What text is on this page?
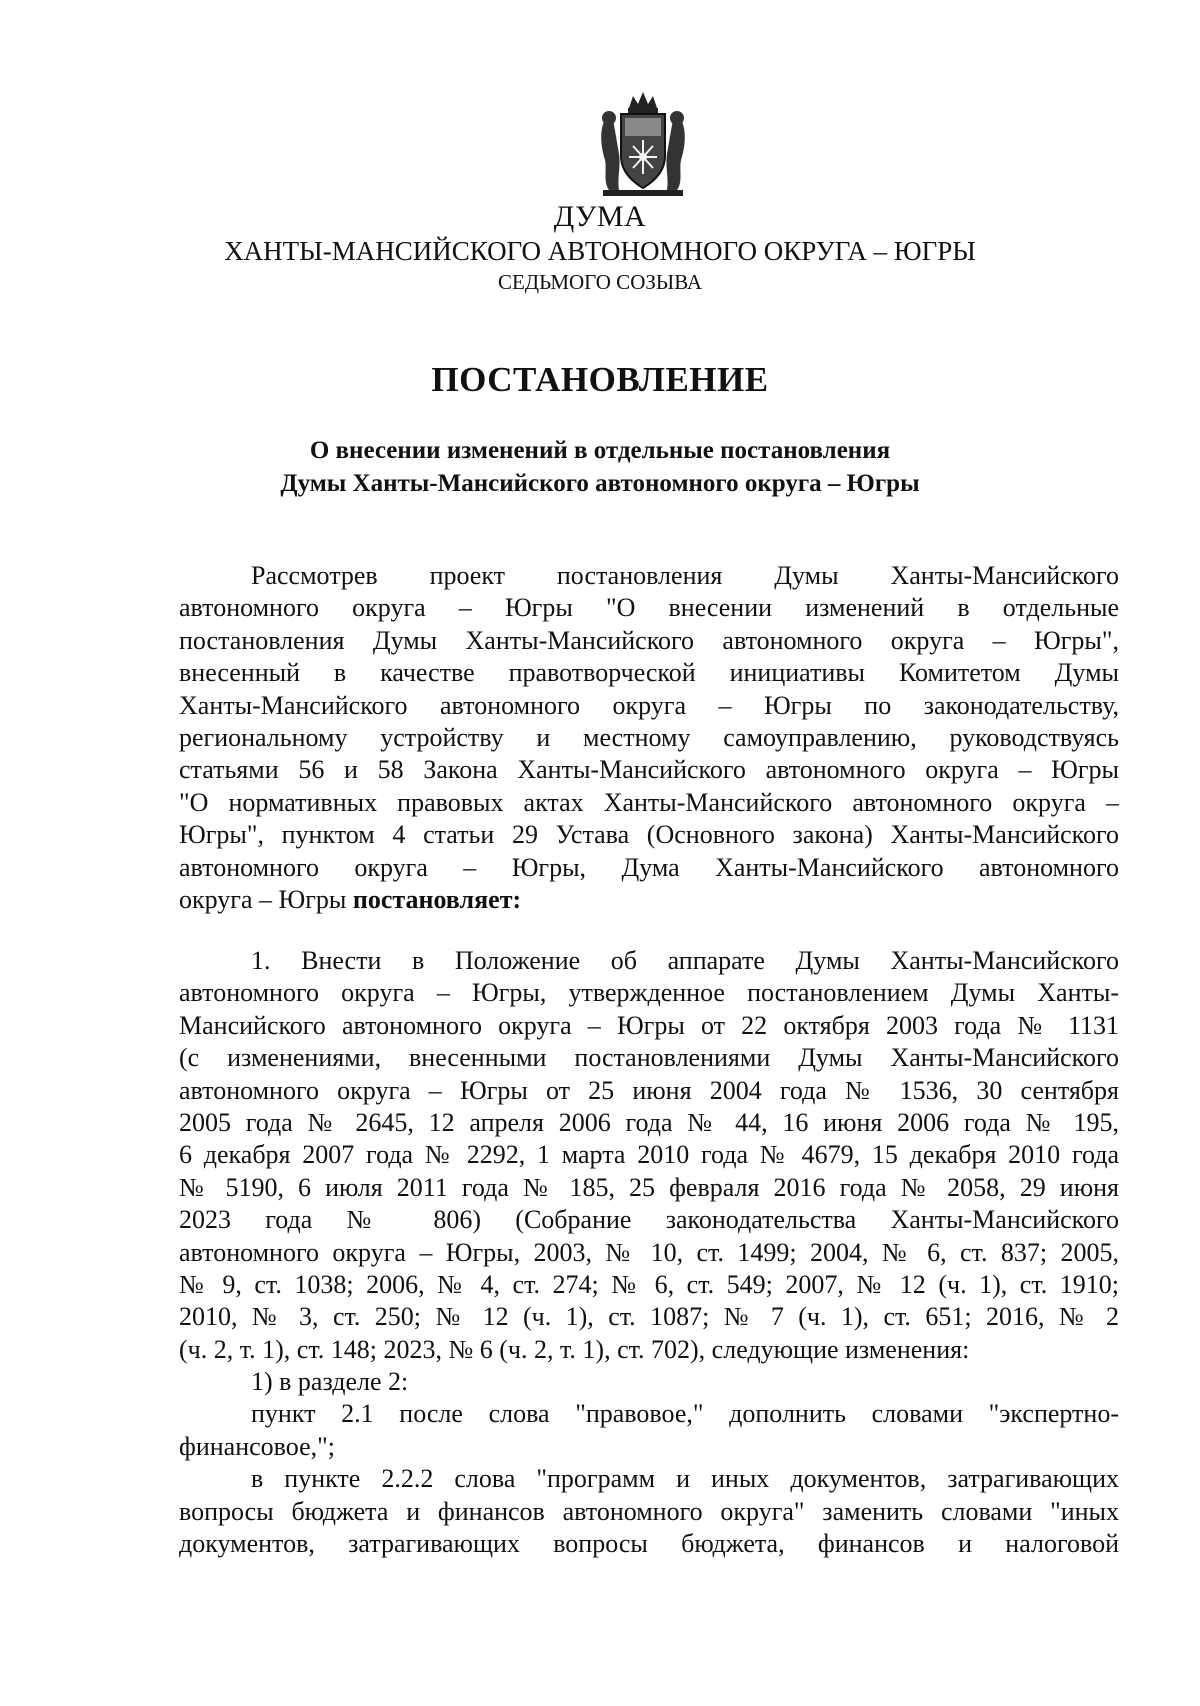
ДУМА
ХАНТЫ-МАНСИЙСКОГО АВТОНОМНОГО ОКРУГА – ЮГРЫ
СЕДЬМОГО СОЗЫВА
ПОСТАНОВЛЕНИЕ
О внесении изменений в отдельные постановления
Думы Ханты-Мансийского автономного округа – Югры
Рассмотрев проект постановления Думы Ханты-Мансийского
автономного округа – Югры "О внесении изменений в отдельные
постановления Думы Ханты-Мансийского автономного округа – Югры",
внесенный в качестве правотворческой инициативы Комитетом Думы
Ханты-Мансийского автономного округа – Югры по законодательству,
региональному устройству и местному самоуправлению, руководствуясь
статьями 56 и 58 Закона Ханты-Мансийского автономного округа – Югры
"О нормативных правовых актах Ханты-Мансийского автономного округа –
Югры", пунктом 4 статьи 29 Устава (Основного закона) Ханты-Мансийского
автономного округа – Югры, Дума Ханты-Мансийского автономного
округа – Югры постановляет:
1. Внести в Положение об аппарате Думы Ханты-Мансийского
автономного округа – Югры, утвержденное постановлением Думы Ханты-
Мансийского автономного округа – Югры от 22 октября 2003 года № 1131
(с изменениями, внесенными постановлениями Думы Ханты-Мансийского
автономного округа – Югры от 25 июня 2004 года № 1536, 30 сентября
2005 года № 2645, 12 апреля 2006 года № 44, 16 июня 2006 года № 195,
6 декабря 2007 года № 2292, 1 марта 2010 года № 4679, 15 декабря 2010 года
№ 5190, 6 июля 2011 года № 185, 25 февраля 2016 года № 2058, 29 июня
2023 года № 806) (Собрание законодательства Ханты-Мансийского
автономного округа – Югры, 2003, № 10, ст. 1499; 2004, № 6, ст. 837; 2005,
№ 9, ст. 1038; 2006, № 4, ст. 274; № 6, ст. 549; 2007, № 12 (ч. 1), ст. 1910;
2010, № 3, ст. 250; № 12 (ч. 1), ст. 1087; № 7 (ч. 1), ст. 651; 2016, № 2
(ч. 2, т. 1), ст. 148; 2023, № 6 (ч. 2, т. 1), ст. 702), следующие изменения:
1) в разделе 2:
пункт 2.1 после слова "правовое," дополнить словами "экспертно-
финансовое,";
в пункте 2.2.2 слова "программ и иных документов, затрагивающих
вопросы бюджета и финансов автономного округа" заменить словами "иных
документов, затрагивающих вопросы бюджета, финансов и налоговой
